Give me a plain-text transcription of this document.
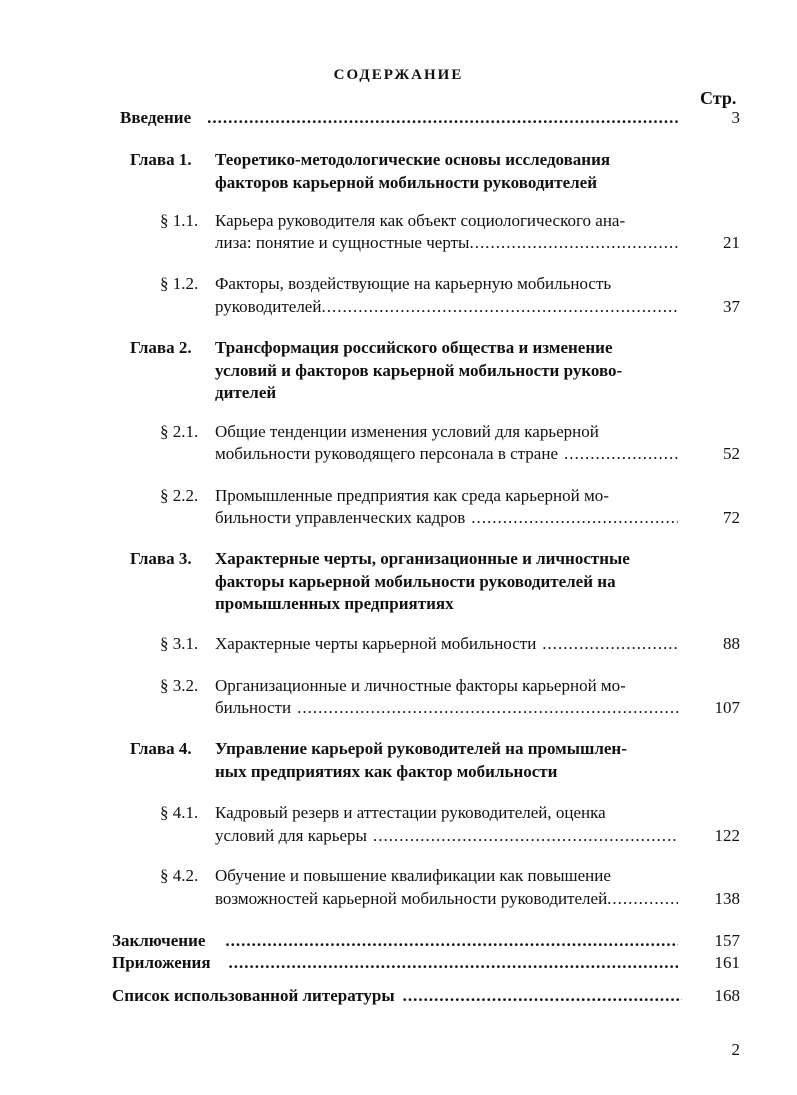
СОДЕРЖАНИЕ
Стр.
Введение .....	3
Глава 1. Теоретико-методологические основы исследования
факторов карьерной мобильности руководителей
§ 1.1. Карьера руководителя как объект социологического ана-
лиза: понятие и сущностные черты .....	21
§ 1.2. Факторы, воздействующие на карьерную мобильность
руководителей .....	37
Глава 2. Трансформация российского общества и изменение
условий и факторов карьерной мобильности руково-
дителей
§ 2.1. Общие тенденции изменения условий для карьерной
мобильности руководящего персонала в стране .....	52
§ 2.2. Промышленные предприятия как среда карьерной мо-
бильности управленческих кадров .....	72
Глава 3. Характерные черты, организационные и личностные
факторы карьерной мобильности руководителей на
промышленных предприятиях
§ 3.1. Характерные черты карьерной мобильности .....	88
§ 3.2. Организационные и личностные факторы карьерной мо-
бильности .....	107
Глава 4. Управление карьерой руководителей на промышлен-
ных предприятиях как фактор мобильности
§ 4.1. Кадровый резерв и аттестации руководителей, оценка
условий для карьеры .....	122
§ 4.2. Обучение и повышение квалификации как повышение
возможностей карьерной мобильности руководителей .....	138
Заключение .....	157
Приложения .....	161
Список использованной литературы .....	168
2
